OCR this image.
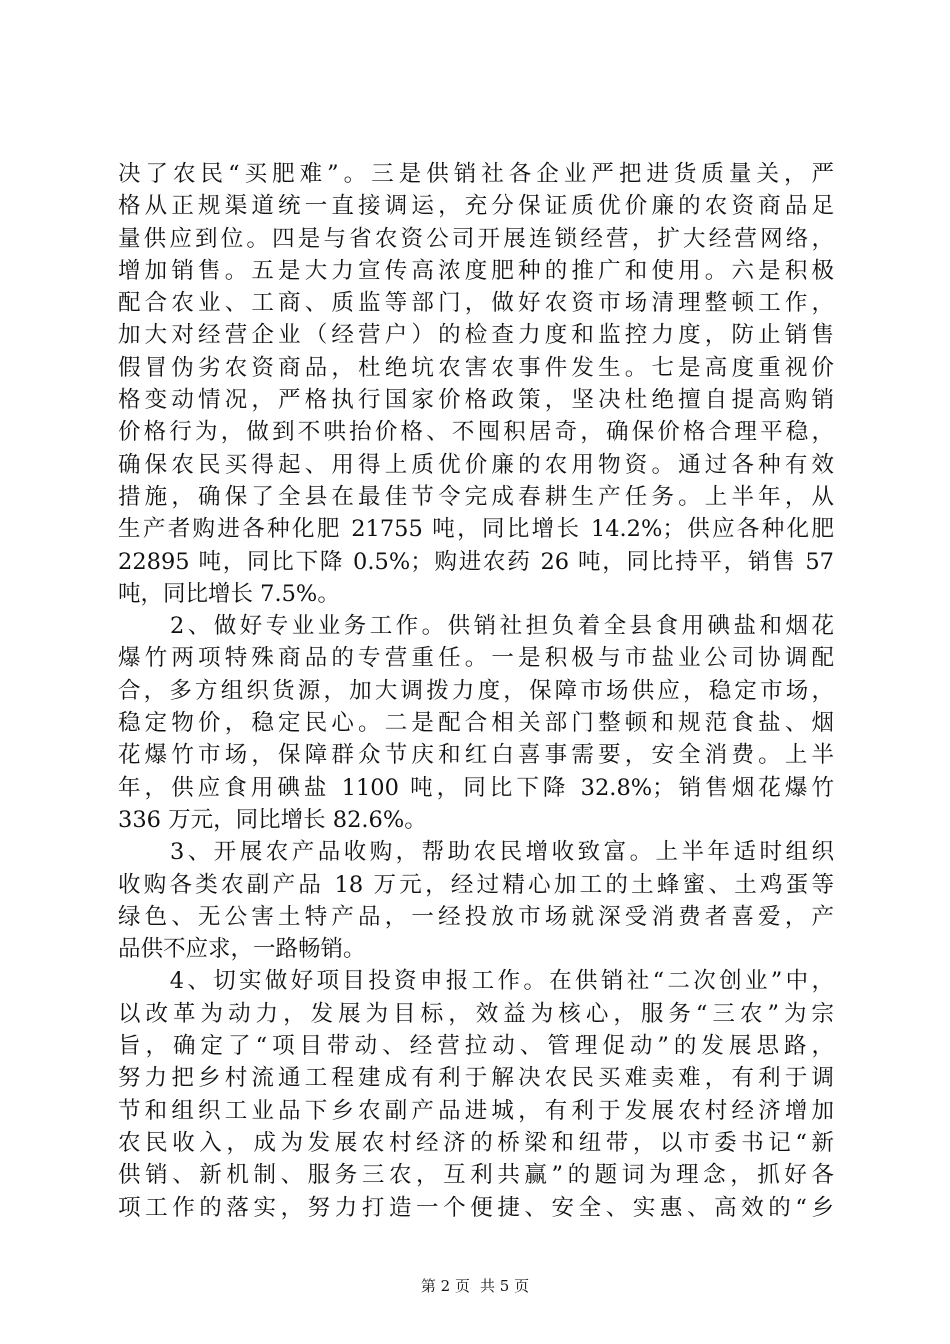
决了农民“买肥难”。三是供销社各企业严把进货质量关，严
格从正规渠道统一直接调运，充分保证质优价廉的农资商品足
量供应到位。四是与省农资公司开展连锁经营，扩大经营网络，
增加销售。五是大力宣传高浓度肥种的推广和使用。六是积极
配合农业、工商、质监等部门，做好农资市场清理整顿工作，
加大对经营企业（经营户）的检查力度和监控力度，防止销售
假冒伪劣农资商品，杜绝坑农害农事件发生。七是高度重视价
格变动情况，严格执行国家价格政策，坚决杜绝擅自提高购销
价格行为，做到不哄抬价格、不囤积居奇，确保价格合理平稳，
确保农民买得起、用得上质优价廉的农用物资。通过各种有效
措施，确保了全县在最佳节令完成春耕生产任务。上半年，从
生产者购进各种化肥 21755 吨，同比增长 14.2%；供应各种化肥
22895 吨，同比下降 0.5%；购进农药 26 吨，同比持平，销售 57
吨，同比增长 7.5%。
　　2、做好专业业务工作。供销社担负着全县食用碘盐和烟花
爆竹两项特殊商品的专营重任。一是积极与市盐业公司协调配
合，多方组织货源，加大调拨力度，保障市场供应，稳定市场，
稳定物价，稳定民心。二是配合相关部门整顿和规范食盐、烟
花爆竹市场，保障群众节庆和红白喜事需要，安全消费。上半
年，供应食用碘盐 1100 吨，同比下降 32.8%；销售烟花爆竹
336 万元，同比增长 82.6%。
　　3、开展农产品收购，帮助农民增收致富。上半年适时组织
收购各类农副产品 18 万元，经过精心加工的土蜂蜜、土鸡蛋等
绿色、无公害土特产品，一经投放市场就深受消费者喜爱，产
品供不应求，一路畅销。
　　4、切实做好项目投资申报工作。在供销社“二次创业”中，
以改革为动力，发展为目标，效益为核心，服务“三农”为宗
旨，确定了“项目带动、经营拉动、管理促动”的发展思路，
努力把乡村流通工程建成有利于解决农民买难卖难，有利于调
节和组织工业品下乡农副产品进城，有利于发展农村经济增加
农民收入，成为发展农村经济的桥梁和纽带，以市委书记“新
供销、新机制、服务三农，互利共赢”的题词为理念，抓好各
项工作的落实，努力打造一个便捷、安全、实惠、高效的“乡
第 2 页 共 5 页
